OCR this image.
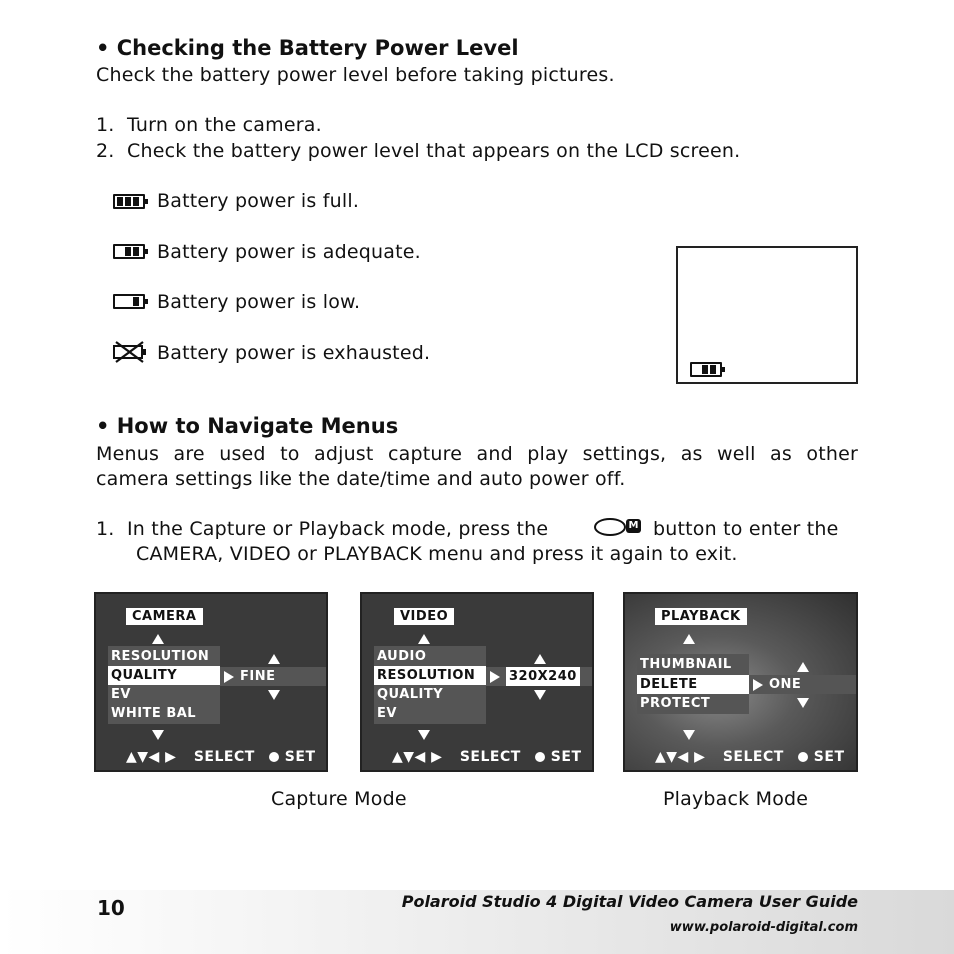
• Checking the Battery Power Level
Check the battery power level before taking pictures.
1.  Turn on the camera.
2.  Check the battery power level that appears on the LCD screen.
Battery power is full.
Battery power is adequate.
Battery power is low.
Battery power is exhausted.
• How to Navigate Menus
Menus are used to adjust capture and play settings, as well as other
camera settings like the date/time and auto power off.
1.  In the Capture or Playback mode, press the	M button to enter the
CAMERA, VIDEO or PLAYBACK menu and press it again to exit.
CAMERA
RESOLUTION
QUALITY
EV
WHITE BAL
FINE
▲▼◀ ▶ SELECT SET
VIDEO
AUDIO
RESOLUTION
QUALITY
EV
320X240
▲▼◀ ▶ SELECT SET
PLAYBACK
THUMBNAIL
DELETE
PROTECT
ONE
▲▼◀ ▶ SELECT SET
Capture Mode	Playback Mode
10	Polaroid Studio 4 Digital Video Camera User Guide
www.polaroid-digital.com
